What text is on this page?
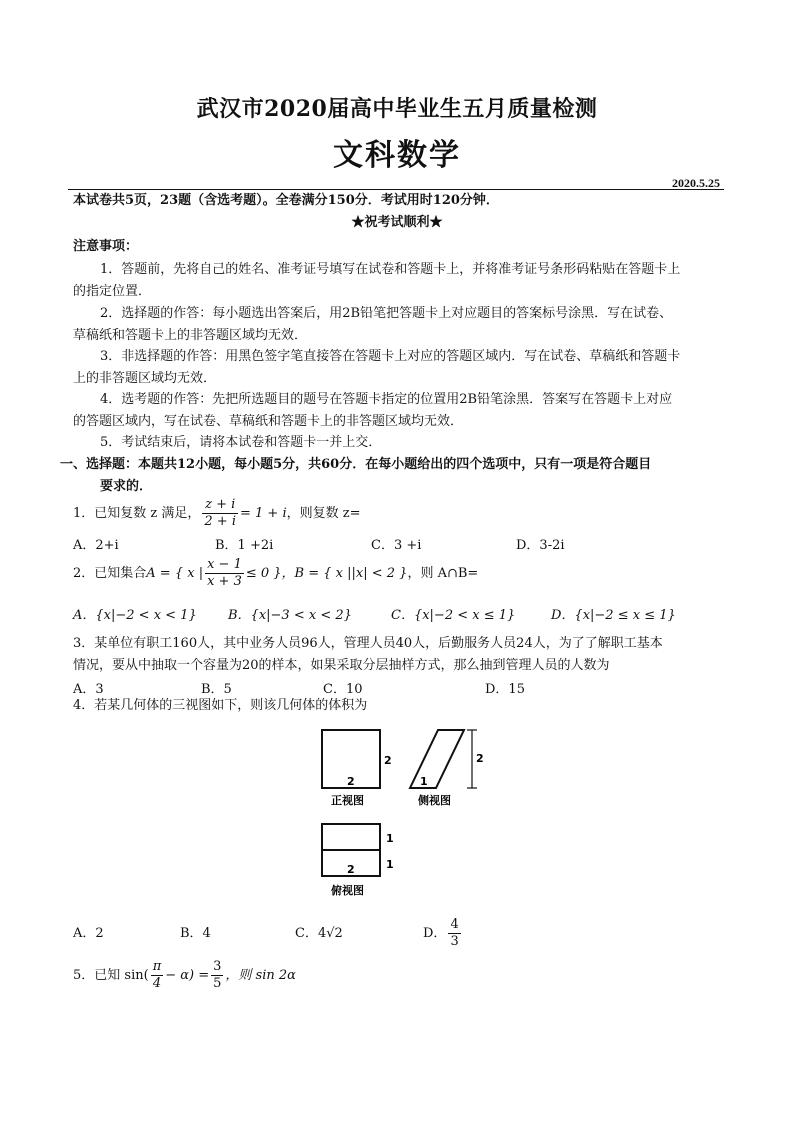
武汉市2020届高中毕业生五月质量检测
文科数学
2020.5.25
本试卷共5页，23题（含选考题）。全卷满分150分．考试用时120分钟．
★祝考试顺利★
注意事项：
1．答题前，先将自己的姓名、准考证号填写在试卷和答题卡上，并将准考证号条形码粘贴在答题卡上
的指定位置．
2．选择题的作答：每小题选出答案后，用2B铅笔把答题卡上对应题目的答案标号涂黑．写在试卷、
草稿纸和答题卡上的非答题区域均无效．
3．非选择题的作答：用黑色签字笔直接答在答题卡上对应的答题区域内．写在试卷、草稿纸和答题卡
上的非答题区域均无效．
4．选考题的作答：先把所选题目的题号在答题卡指定的位置用2B铅笔涂黑．答案写在答题卡上对应
的答题区域内，写在试卷、草稿纸和答题卡上的非答题区域均无效．
5．考试结束后，请将本试卷和答题卡一并上交．
一、选择题：本题共12小题，每小题5分，共60分．在每小题给出的四个选项中，只有一项是符合题目
要求的．
1．已知复数 z 满足， $\frac{z + i}{2 + i} = 1 + i$，则复数 z=
A．2+i	B．1 +2i	C．3 +i	D．3-2i
2．已知集合A = { x | $\frac{x - 1}{x + 3} \le 0$ }，B = { x ||x| < 2 }，则 A∩B=
A．{x|−2 < x < 1} B．{x|−3 < x < 2}	C．{x|−2 < x ≤ 1}	D．{x|−2 ≤ x ≤ 1}
3．某单位有职工160人，其中业务人员96人，管理人员40人，后勤服务人员24人，为了了解职工基本
情况，要从中抽取一个容量为20的样本，如果采取分层抽样方式，那么抽到管理人员的人数为
A．3	B．5	C．10	D．15
4．若某几何体的三视图如下，则该几何体的体积为
2
2
正视图
1
2
侧视图
2
1
1
俯视图
A．2	B．4	C．4√2	D． $\frac{4}{3}$
5．已知 $\sin( \frac{\pi}{4} - \alpha) = \frac{3}{5}$ ，则 sin 2α
